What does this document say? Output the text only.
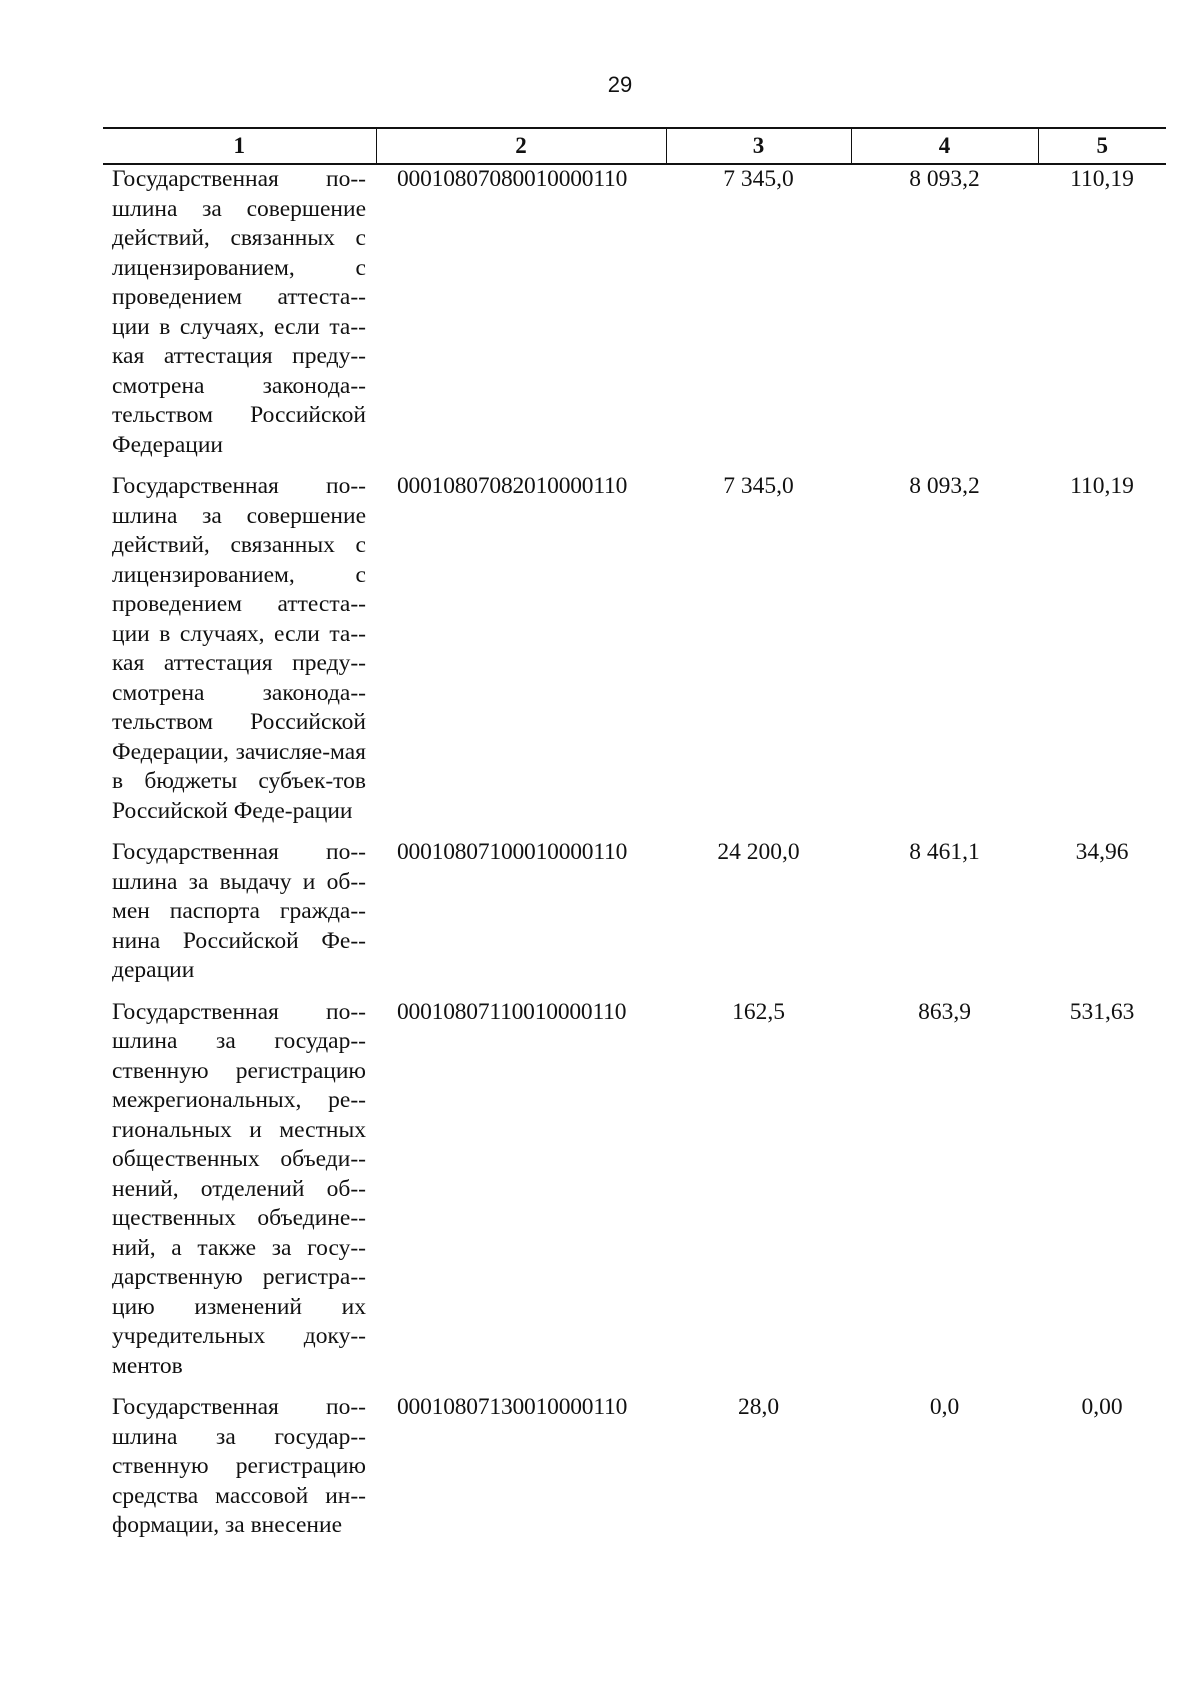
29
1	2	3	4	5
Государственная по-шлина за совершение действий, связанных с лицензированием, с проведением аттеста-ции в случаях, если та-кая аттестация преду-смотрена законода-тельством Российской Федерации	00010807080010000110	7 345,0	8 093,2	110,19
Государственная по-шлина за совершение действий, связанных с лицензированием, с проведением аттеста-ции в случаях, если та-кая аттестация преду-смотрена законода-тельством Российской Федерации, зачисляе-мая в бюджеты субъек-тов Российской Феде-рации	00010807082010000110	7 345,0	8 093,2	110,19
Государственная по-шлина за выдачу и об-мен паспорта гражда-нина Российской Фе-дерации	00010807100010000110	24 200,0	8 461,1	34,96
Государственная по-шлина за государ-ственную регистрацию межрегиональных, ре-гиональных и местных общественных объеди-нений, отделений об-щественных объедине-ний, а также за госу-дарственную регистра-цию изменений их учредительных доку-ментов	00010807110010000110	162,5	863,9	531,63
Государственная по-шлина за государ-ственную регистрацию средства массовой ин-формации, за внесение	00010807130010000110	28,0	0,0	0,00
